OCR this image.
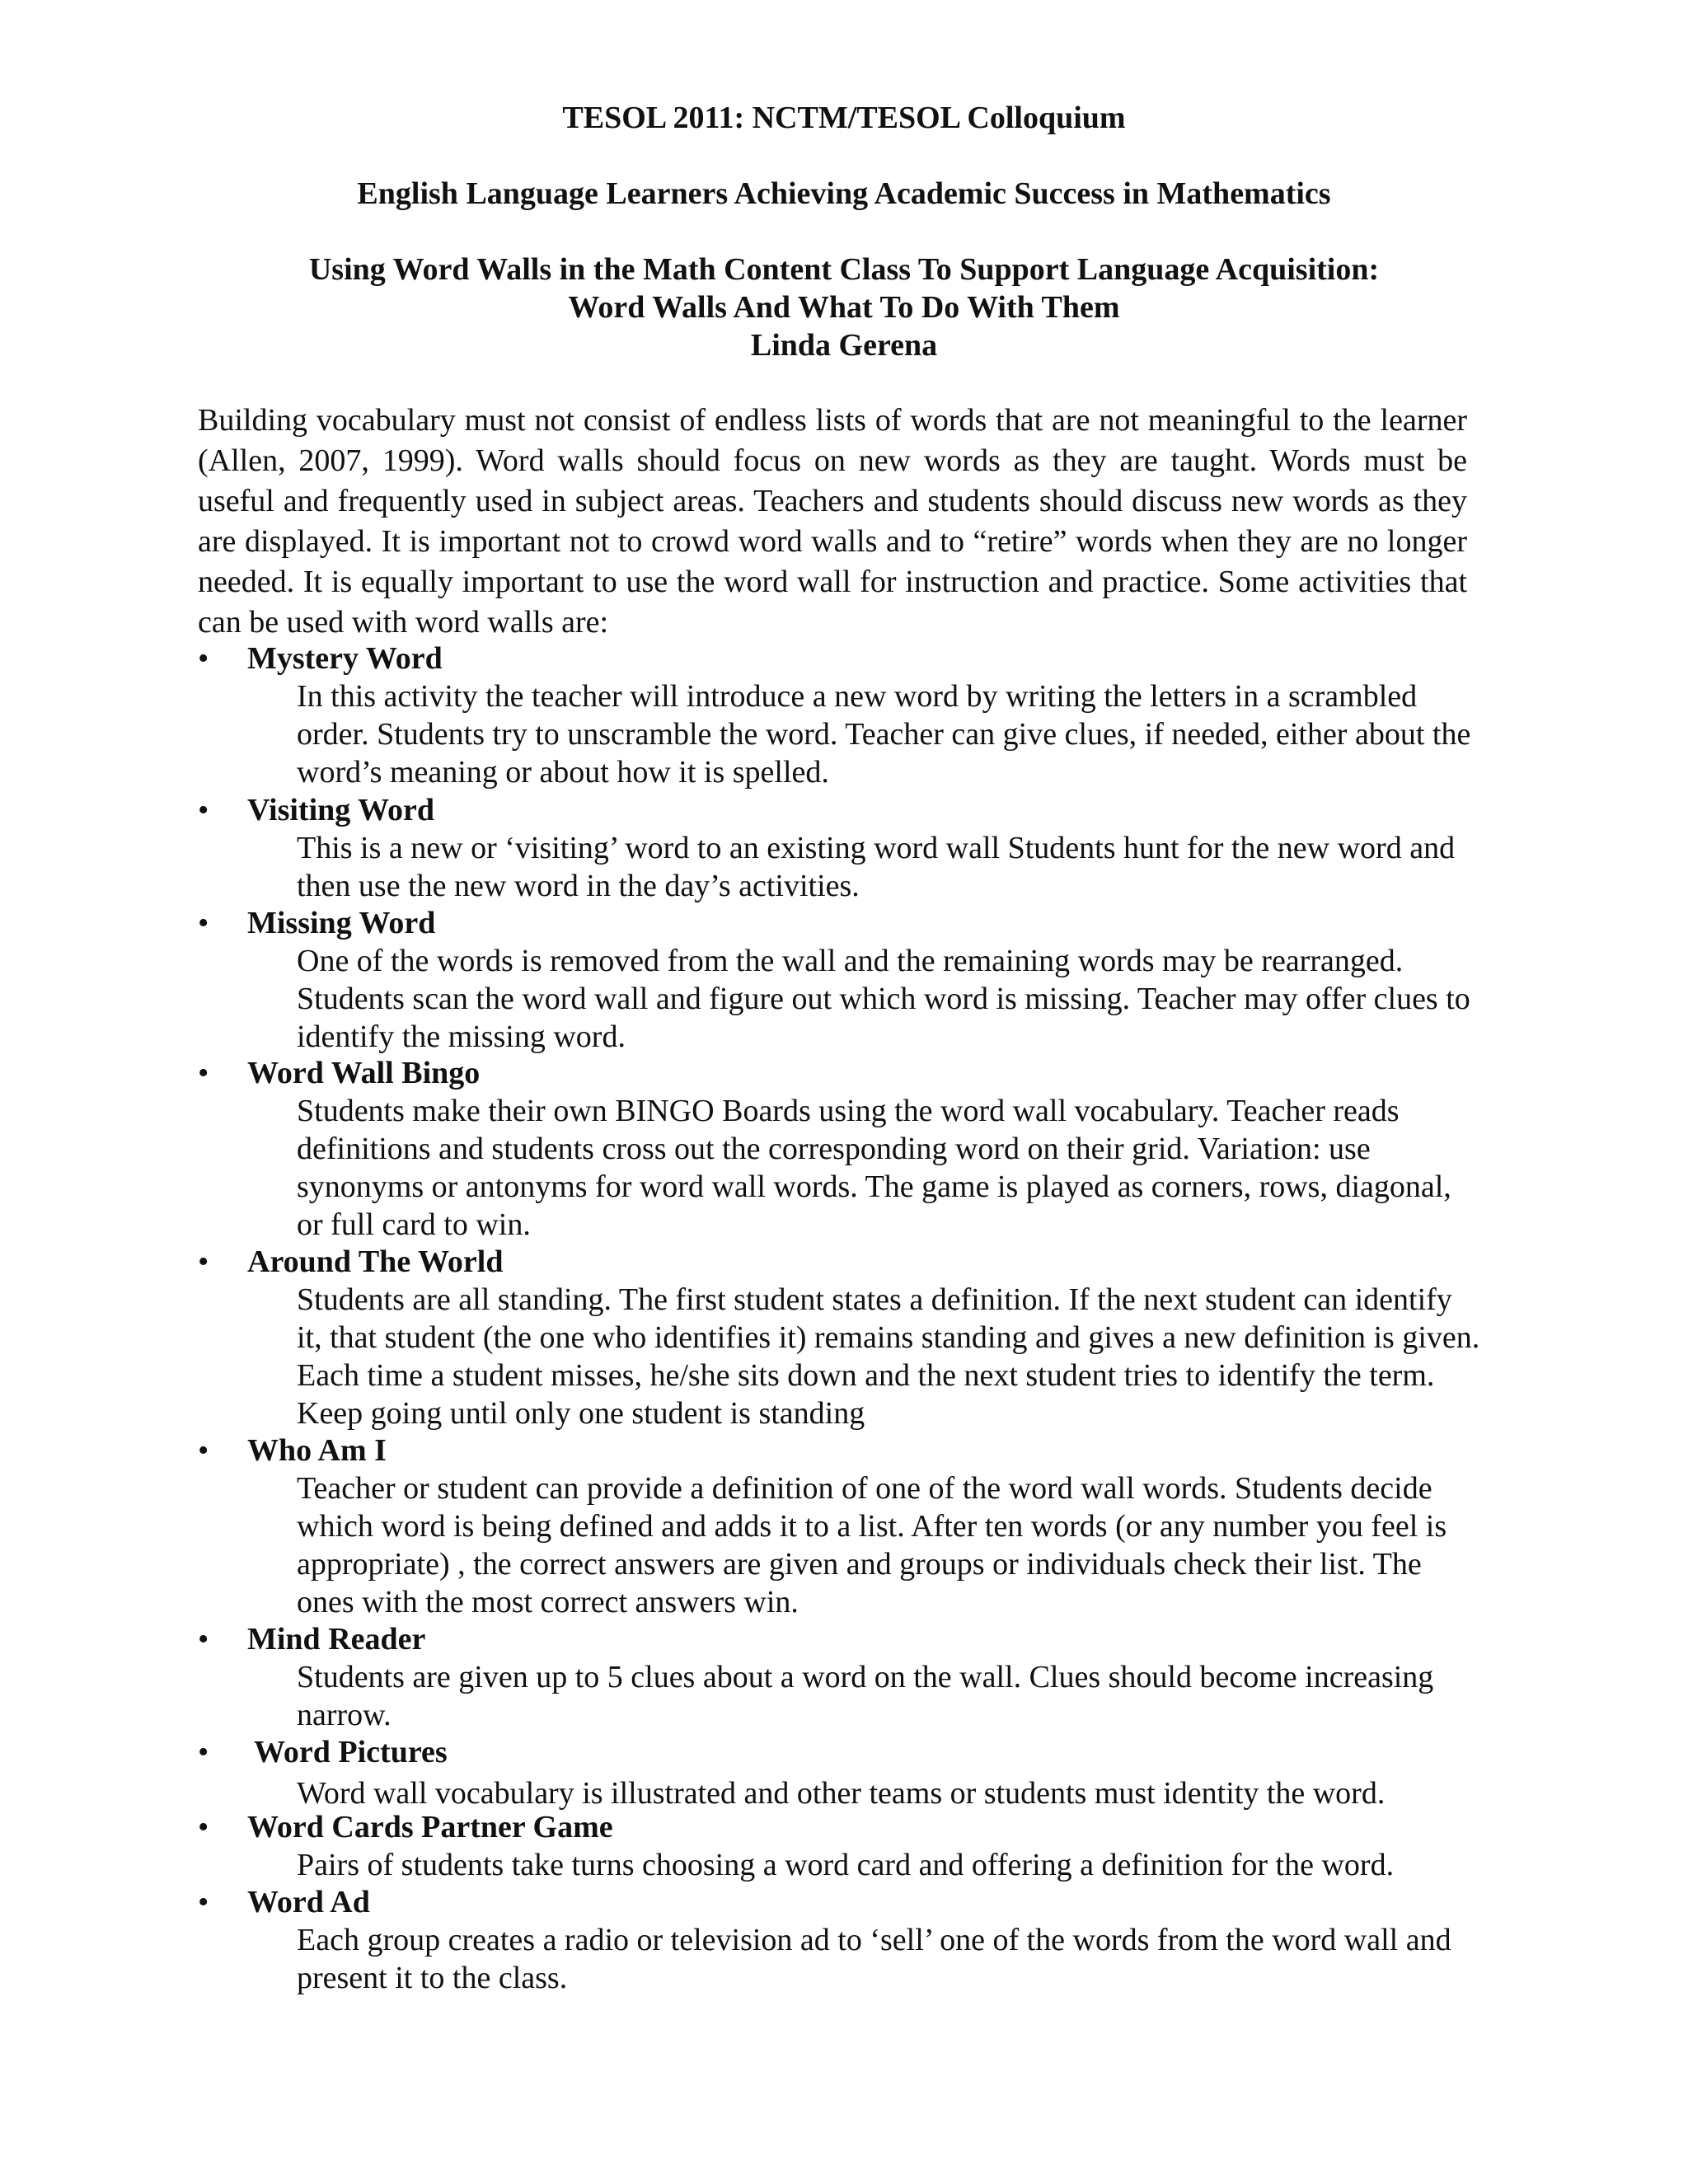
TESOL 2011: NCTM/TESOL Colloquium
English Language Learners Achieving Academic Success in Mathematics
Using Word Walls in the Math Content Class To Support Language Acquisition:
Word Walls And What To Do With Them
Linda Gerena

Building vocabulary must not consist of endless lists of words that are not meaningful to the learner (Allen, 2007, 1999). Word walls should focus on new words as they are taught. Words must be useful and frequently used in subject areas. Teachers and students should discuss new words as they are displayed. It is important not to crowd word walls and to “retire” words when they are no longer needed. It is equally important to use the word wall for instruction and practice. Some activities that can be used with word walls are:

• Mystery Word

In this activity the teacher will introduce a new word by writing the letters in a scrambled order. Students try to unscramble the word. Teacher can give clues, if needed, either about the word’s meaning or about how it is spelled.

• Visiting Word

This is a new or ‘visiting’ word to an existing word wall Students hunt for the new word and then use the new word in the day’s activities.

• Missing Word

One of the words is removed from the wall and the remaining words may be rearranged. Students scan the word wall and figure out which word is missing. Teacher may offer clues to identify the missing word.

• Word Wall Bingo

Students make their own BINGO Boards using the word wall vocabulary. Teacher reads definitions and students cross out the corresponding word on their grid. Variation: use synonyms or antonyms for word wall words. The game is played as corners, rows, diagonal, or full card to win.

• Around The World

Students are all standing. The first student states a definition. If the next student can identify it, that student (the one who identifies it) remains standing and gives a new definition is given. Each time a student misses, he/she sits down and the next student tries to identify the term. Keep going until only one student is standing

• Who Am I

Teacher or student can provide a definition of one of the word wall words. Students decide which word is being defined and adds it to a list. After ten words (or any number you feel is appropriate) , the correct answers are given and groups or individuals check their list. The ones with the most correct answers win.

• Mind Reader

Students are given up to 5 clues about a word on the wall. Clues should become increasing narrow.

• Word Pictures

Word wall vocabulary is illustrated and other teams or students must identity the word.

• Word Cards Partner Game

Pairs of students take turns choosing a word card and offering a definition for the word.

• Word Ad

Each group creates a radio or television ad to ‘sell’ one of the words from the word wall and present it to the class.
